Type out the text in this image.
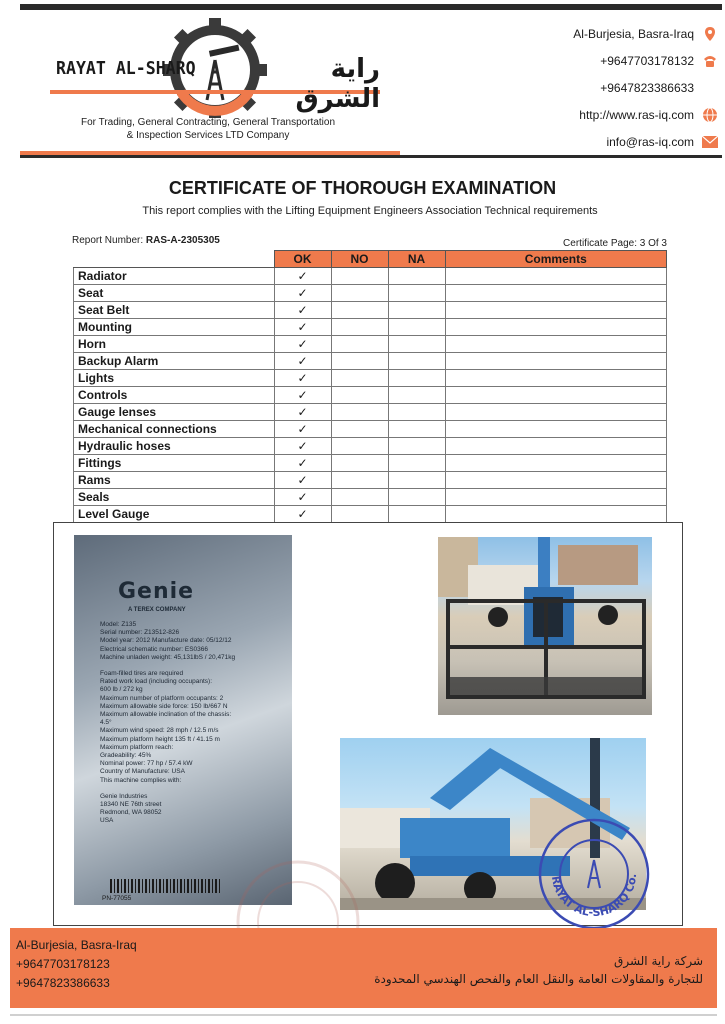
RAYAT AL-SHARQ	راية الشرق
For Trading, General Contracting, General Transportation
& Inspection Services LTD Company
Al-Burjesia, Basra-Iraq
+9647703178132
+9647823386633
http://www.ras-iq.com
info@ras-iq.com
CERTIFICATE OF THOROUGH EXAMINATION
This report complies with the Lifting Equipment Engineers Association Technical requirements
Report Number: RAS-A-2305305	Certificate Page: 3 Of 3
	OK	NO	NA	Comments
Radiator	✓			
Seat	✓			
Seat Belt	✓			
Mounting	✓			
Horn	✓			
Backup Alarm	✓			
Lights	✓			
Controls	✓			
Gauge lenses	✓			
Mechanical connections	✓			
Hydraulic hoses	✓			
Fittings	✓			
Rams	✓			
Seals	✓			
Level Gauge	✓			
Genie
A TEREX COMPANY
Model: Z135
Serial number: Z13512-826
Model year: 2012 Manufacture date: 05/12/12
Electrical schematic number: ES0366
Machine unladen weight: 45,131lbS / 20,471kg
Foam-filled tires are required
Rated work load (including occupants):
600 lb / 272 kg
Maximum number of platform occupants: 2
Maximum allowable side force: 150 lb/667 N
Maximum allowable inclination of the chassis:
4.5°
Maximum wind speed: 28 mph / 12.5 m/s
Maximum platform height 135 ft / 41.15 m
Maximum platform reach:
Gradeability: 45%
Nominal power: 77 hp / 57.4 kW
Country of Manufacture: USA
This machine complies with:
Genie Industries
18340 NE 76th street
Redmond, WA 98052
USA
PN-77055
RAYAT AL-SHARQ Co.
Al-Burjesia, Basra-Iraq
+9647703178123
+9647823386633
شركة راية الشرق
للتجارة والمقاولات العامة والنقل العام والفحص الهندسي المحدودة
